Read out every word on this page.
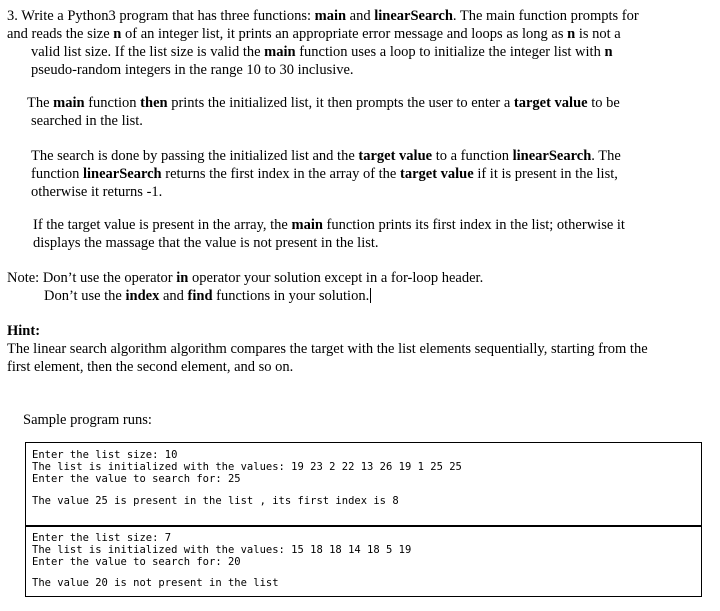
3. Write a Python3 program that has three functions: main and linearSearch. The main function prompts for
and reads the size n of an integer list, it prints an appropriate error message and loops as long as n is not a
valid list size. If the list size is valid the main function uses a loop to initialize the integer list with n
pseudo-random integers in the range 10 to 30 inclusive.
The main function then prints the initialized list, it then prompts the user to enter a target value to be
searched in the list.
The search is done by passing the initialized list and the target value to a function linearSearch. The
function linearSearch returns the first index in the array of the target value if it is present in the list,
otherwise it returns -1.
If the target value is present in the array, the main function prints its first index in the list; otherwise it
displays the massage that the value is not present in the list.
Note: Don’t use the operator in operator your solution except in a for-loop header.
Don’t use the index and find functions in your solution.
Hint:
The linear search algorithm algorithm compares the target with the list elements sequentially, starting from the
first element, then the second element, and so on.
Sample program runs:
Enter the list size: 10
The list is initialized with the values: 19 23 2 22 13 26 19 1 25 25
Enter the value to search for: 25
The value 25 is present in the list , its first index is 8
Enter the list size: 7
The list is initialized with the values: 15 18 18 14 18 5 19
Enter the value to search for: 20
The value 20 is not present in the list
